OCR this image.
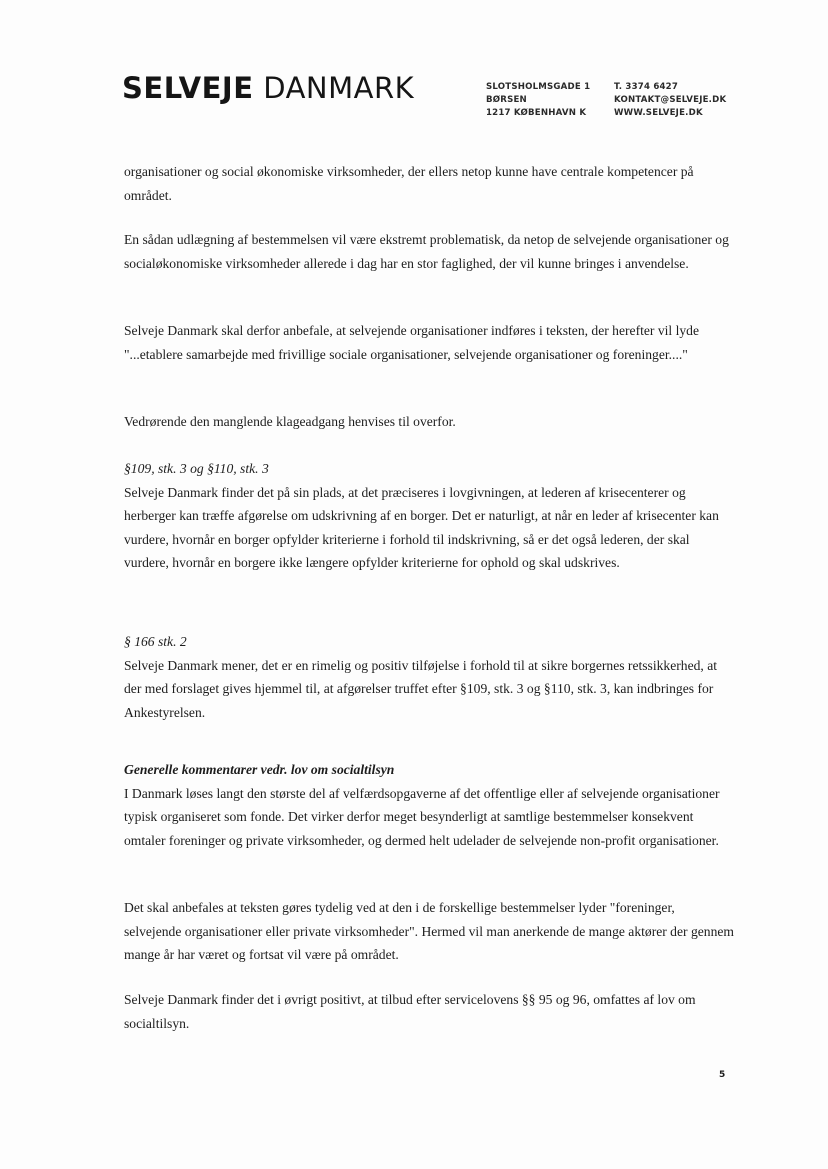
SELVEJE DANMARK	SLOTSHOLMSGADE 1
BØRSEN
1217 KØBENHAVN K
T. 3374 6427
KONTAKT@SELVEJE.DK
WWW.SELVEJE.DK

organisationer og social økonomiske virksomheder, der ellers netop kunne have centrale kompetencer på området.

En sådan udlægning af bestemmelsen vil være ekstremt problematisk, da netop de selvejende organisationer og socialøkonomiske virksomheder allerede i dag har en stor faglighed, der vil kunne bringes i anvendelse.

Selveje Danmark skal derfor anbefale, at selvejende organisationer indføres i teksten, der herefter vil lyde "...etablere samarbejde med frivillige sociale organisationer, selvejende organisationer og foreninger...."

Vedrørende den manglende klageadgang henvises til overfor.

§109, stk. 3 og §110, stk. 3
Selveje Danmark finder det på sin plads, at det præciseres i lovgivningen, at lederen af krisecenterer og herberger kan træffe afgørelse om udskrivning af en borger. Det er naturligt, at når en leder af krisecenter kan vurdere, hvornår en borger opfylder kriterierne i forhold til indskrivning, så er det også lederen, der skal vurdere, hvornår en borgere ikke længere opfylder kriterierne for ophold og skal udskrives.
§ 166 stk. 2
Selveje Danmark mener, det er en rimelig og positiv tilføjelse i forhold til at sikre borgernes retssikkerhed, at der med forslaget gives hjemmel til, at afgørelser truffet efter §109, stk. 3 og §110, stk. 3, kan indbringes for Ankestyrelsen.
Generelle kommentarer vedr. lov om socialtilsyn
I Danmark løses langt den største del af velfærdsopgaverne af det offentlige eller af selvejende organisationer typisk organiseret som fonde. Det virker derfor meget besynderligt at samtlige bestemmelser konsekvent omtaler foreninger og private virksomheder, og dermed helt udelader de selvejende non-profit organisationer.

Det skal anbefales at teksten gøres tydelig ved at den i de forskellige bestemmelser lyder "foreninger, selvejende organisationer eller private virksomheder". Hermed vil man anerkende de mange aktører der gennem mange år har været og fortsat vil være på området.

Selveje Danmark finder det i øvrigt positivt, at tilbud efter servicelovens §§ 95 og 96, omfattes af lov om socialtilsyn.

5
